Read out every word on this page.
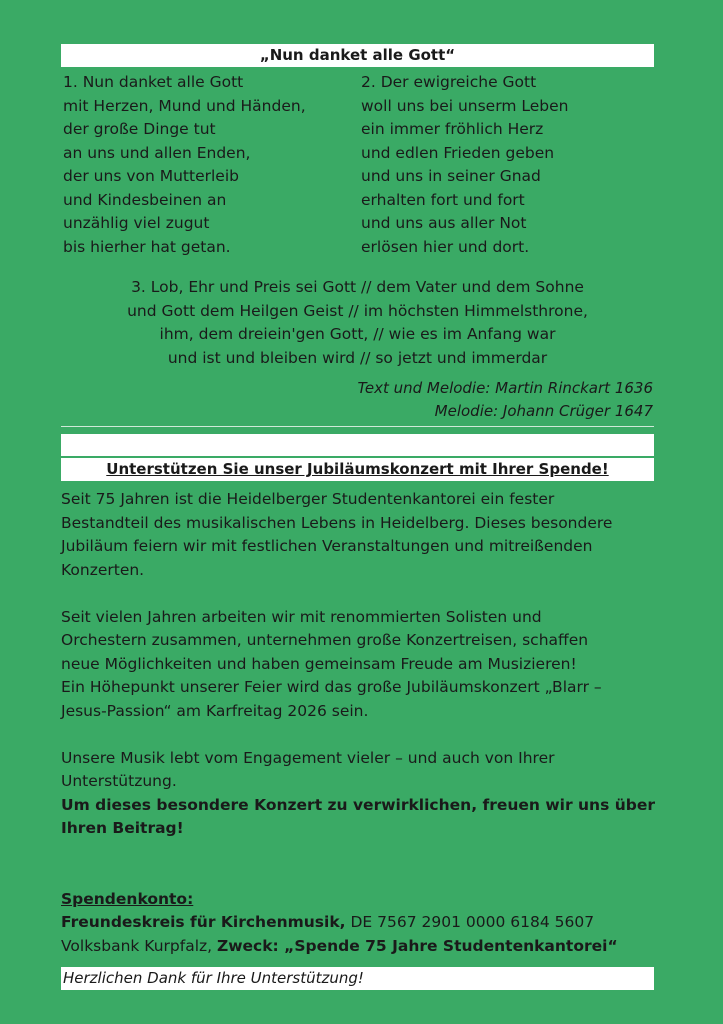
„Nun danket alle Gott“
1. Nun danket alle Gott
mit Herzen, Mund und Händen,
der große Dinge tut
an uns und allen Enden,
der uns von Mutterleib
und Kindesbeinen an
unzählig viel zugut
bis hierher hat getan.
2. Der ewigreiche Gott
woll uns bei unserm Leben
ein immer fröhlich Herz
und edlen Frieden geben
und uns in seiner Gnad
erhalten fort und fort
und uns aus aller Not
erlösen hier und dort.
3. Lob, Ehr und Preis sei Gott // dem Vater und dem Sohne
und Gott dem Heilgen Geist // im höchsten Himmelsthrone,
ihm, dem dreiein'gen Gott, // wie es im Anfang war
und ist und bleiben wird // so jetzt und immerdar
Text und Melodie: Martin Rinckart 1636
Melodie: Johann Crüger 1647
Unterstützen Sie unser Jubiläumskonzert mit Ihrer Spende!

Seit 75 Jahren ist die Heidelberger Studentenkantorei ein fester
Bestandteil des musikalischen Lebens in Heidelberg. Dieses besondere
Jubiläum feiern wir mit festlichen Veranstaltungen und mitreißenden
Konzerten.

Seit vielen Jahren arbeiten wir mit renommierten Solisten und
Orchestern zusammen, unternehmen große Konzertreisen, schaffen
neue Möglichkeiten und haben gemeinsam Freude am Musizieren!
Ein Höhepunkt unserer Feier wird das große Jubiläumskonzert „Blarr –
Jesus-Passion“ am Karfreitag 2026 sein.

Unsere Musik lebt vom Engagement vieler – und auch von Ihrer
Unterstützung.
Um dieses besondere Konzert zu verwirklichen, freuen wir uns über
Ihren Beitrag!

Spendenkonto:
Freundeskreis für Kirchenmusik, DE 7567 2901 0000 6184 5607
Volksbank Kurpfalz, Zweck: „Spende 75 Jahre Studentenkantorei“
Herzlichen Dank für Ihre Unterstützung!
